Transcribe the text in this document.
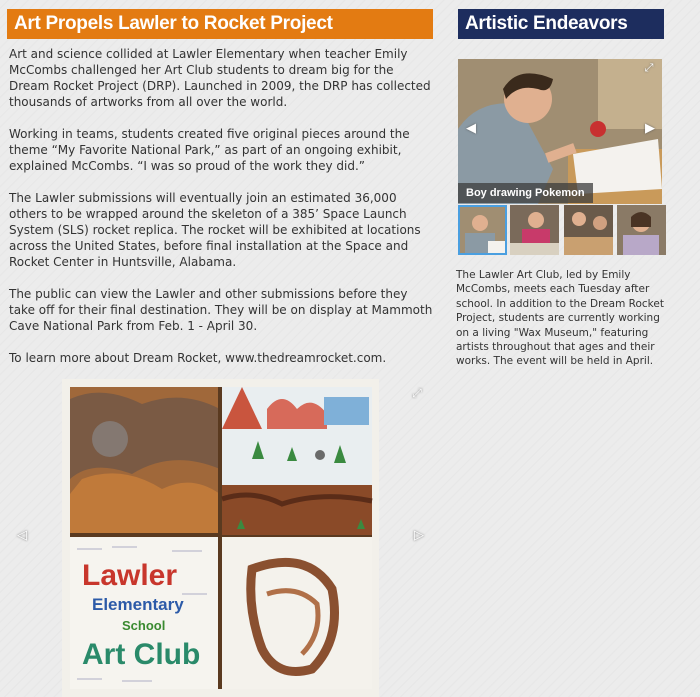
Art Propels Lawler to Rocket Project	Artistic Endeavors

Art and science collided at Lawler Elementary when teacher Emily McCombs challenged her Art Club students to dream big for the Dream Rocket Project (DRP). Launched in 2009, the DRP has collected thousands of artworks from all over the world.

Working in teams, students created five original pieces around the theme “My Favorite National Park,” as part of an ongoing exhibit, explained McCombs. “I was so proud of the work they did.”

The Lawler submissions will eventually join an estimated 36,000 others to be wrapped around the skeleton of a 385’ Space Launch System (SLS) rocket replica. The rocket will be exhibited at locations across the United States, before final installation at the Space and Rocket Center in Huntsville, Alabama.

The public can view the Lawler and other submissions before they take off for their final destination. They will be on display at Mammoth Cave National Park from Feb. 1 - April 30.

To learn more about Dream Rocket, www.thedreamrocket.com.

Lawler
Elementary
School
Art Club
◁	▷
⤢
Boy drawing Pokemon
◀	▶
⤢
The Lawler Art Club, led by Emily McCombs, meets each Tuesday after school. In addition to the Dream Rocket Project, students are currently working on a living "Wax Museum," featuring artists throughout that ages and their works. The event will be held in April.
